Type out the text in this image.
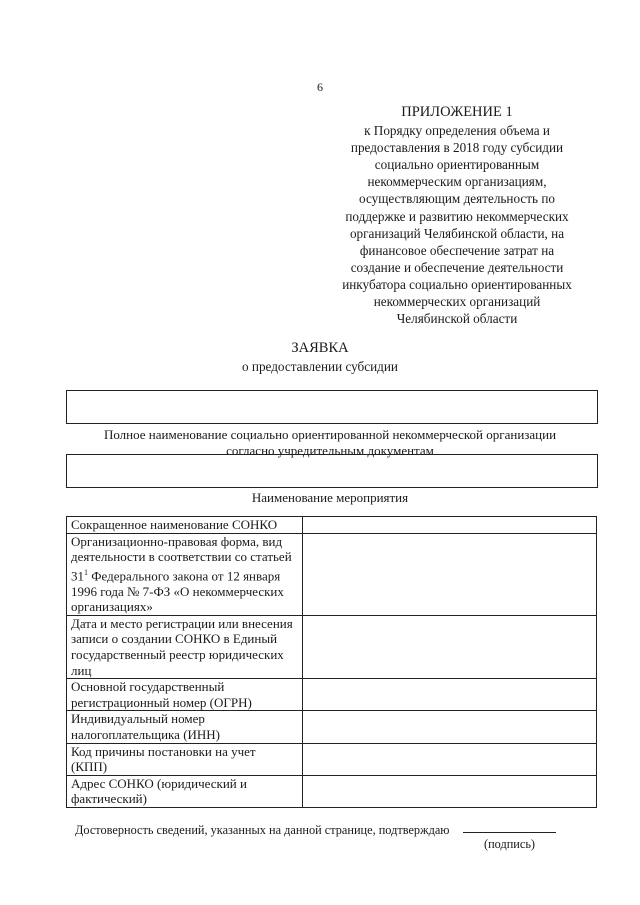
6
ПРИЛОЖЕНИЕ 1
к Порядку определения объема и
предоставления в 2018 году субсидии
социально ориентированным
некоммерческим организациям,
осуществляющим деятельность по
поддержке и развитию некоммерческих
организаций Челябинской области, на
финансовое обеспечение затрат на
создание и обеспечение деятельности
инкубатора социально ориентированных
некоммерческих организаций
Челябинской области
ЗАЯВКА
о предоставлении субсидии
Полное наименование социально ориентированной некоммерческой организации
согласно учредительным документам
Наименование мероприятия
Сокращенное наименование СОНКО	

Организационно-правовая форма, вид
деятельности в соответствии со статьей
$31^1$ Федерального закона от 12 января
1996 года № 7-ФЗ «О некоммерческих
организациях»	

Дата и место регистрации или внесения
записи о создании СОНКО в Единый
государственный реестр юридических
лиц	

Основной государственный
регистрационный номер (ОГРН)	

Индивидуальный номер
налогоплательщика (ИНН)	

Код причины постановки на учет
(КПП)	

Адрес СОНКО (юридический и
фактический)	

Достоверность сведений, указанных на данной странице, подтверждаю
(подпись)
